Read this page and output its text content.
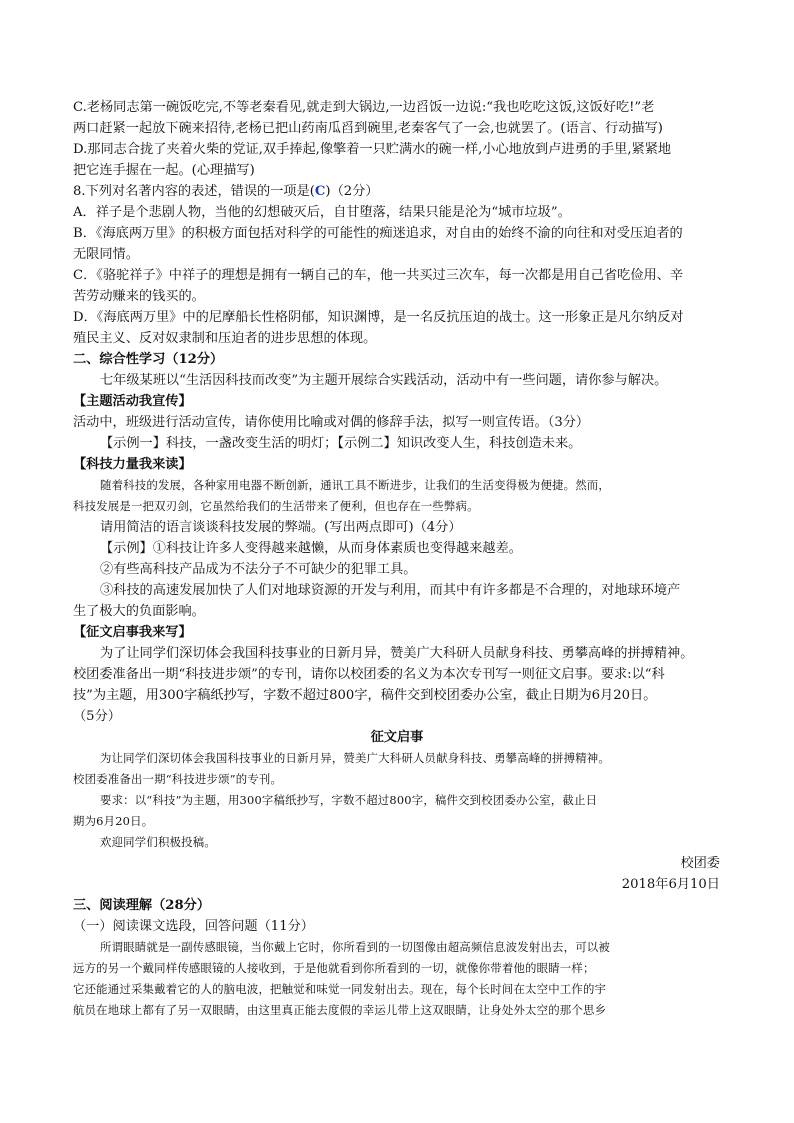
C.老杨同志第一碗饭吃完,不等老秦看见,就走到大锅边,一边舀饭一边说:“我也吃吃这饭,这饭好吃!”老

两口赶紧一起放下碗来招待,老杨已把山药南瓜舀到碗里,老秦客气了一会,也就罢了。(语言、行动描写)

D.那同志合拢了夹着火柴的党证,双手捧起,像擎着一只贮满水的碗一样,小心地放到卢进勇的手里,紧紧地

把它连手握在一起。(心理描写)

8.下列对名著内容的表述，错误的一项是(C)（2分）

A．祥子是个悲剧人物，当他的幻想破灭后，自甘堕落，结果只能是沦为“城市垃圾”。

B．《海底两万里》的积极方面包括对科学的可能性的痴迷追求，对自由的始终不渝的向往和对受压迫者的

无限同情。

C．《骆驼祥子》中祥子的理想是拥有一辆自己的车，他一共买过三次车，每一次都是用自己省吃俭用、辛

苦劳动赚来的钱买的。

D．《海底两万里》中的尼摩船长性格阴郁，知识渊博，是一名反抗压迫的战士。这一形象正是凡尔纳反对

殖民主义、反对奴隶制和压迫者的进步思想的体现。

二、综合性学习（12分）

七年级某班以“生活因科技而改变”为主题开展综合实践活动，活动中有一些问题，请你参与解决。

【主题活动我宣传】

活动中，班级进行活动宣传，请你使用比喻或对偶的修辞手法，拟写一则宣传语。（3分）

【示例一】科技，一盏改变生活的明灯；【示例二】知识改变人生，科技创造未来。

【科技力量我来读】

随着科技的发展，各种家用电器不断创新，通讯工具不断进步，让我们的生活变得极为便捷。然而，

科技发展是一把双刃剑，它虽然给我们的生活带来了便利，但也存在一些弊病。

请用简洁的语言谈谈科技发展的弊端。(写出两点即可)（4分）

【示例】①科技让许多人变得越来越懒，从而身体素质也变得越来越差。

②有些高科技产品成为不法分子不可缺少的犯罪工具。

③科技的高速发展加快了人们对地球资源的开发与利用，而其中有许多都是不合理的，对地球环境产

生了极大的负面影响。

【征文启事我来写】

为了让同学们深切体会我国科技事业的日新月异，赞美广大科研人员献身科技、勇攀高峰的拼搏精神。

校团委准备出一期“科技进步颂”的专刊，请你以校团委的名义为本次专刊写一则征文启事。要求:以“科

技”为主题，用300字稿纸抄写，字数不超过800字，稿件交到校团委办公室，截止日期为6月20日。

（5分）

征文启事

为让同学们深切体会我国科技事业的日新月异，赞美广大科研人员献身科技、勇攀高峰的拼搏精神。

校团委准备出一期“科技进步颂”的专刊。

要求：以“科技”为主题，用300字稿纸抄写，字数不超过800字，稿件交到校团委办公室，截止日

期为6月20日。

欢迎同学们积极投稿。

校团委

2018年6月10日

三、阅读理解（28分）

（一）阅读课文选段，回答问题（11分）

所谓眼睛就是一副传感眼镜，当你戴上它时，你所看到的一切图像由超高频信息波发射出去，可以被

远方的另一个戴同样传感眼镜的人接收到，于是他就看到你所看到的一切，就像你带着他的眼睛一样；

它还能通过采集戴着它的人的脑电波，把触觉和味觉一同发射出去。现在，每个长时间在太空中工作的宇

航员在地球上都有了另一双眼睛，由这里真正能去度假的幸运儿带上这双眼睛，让身处外太空的那个思乡
